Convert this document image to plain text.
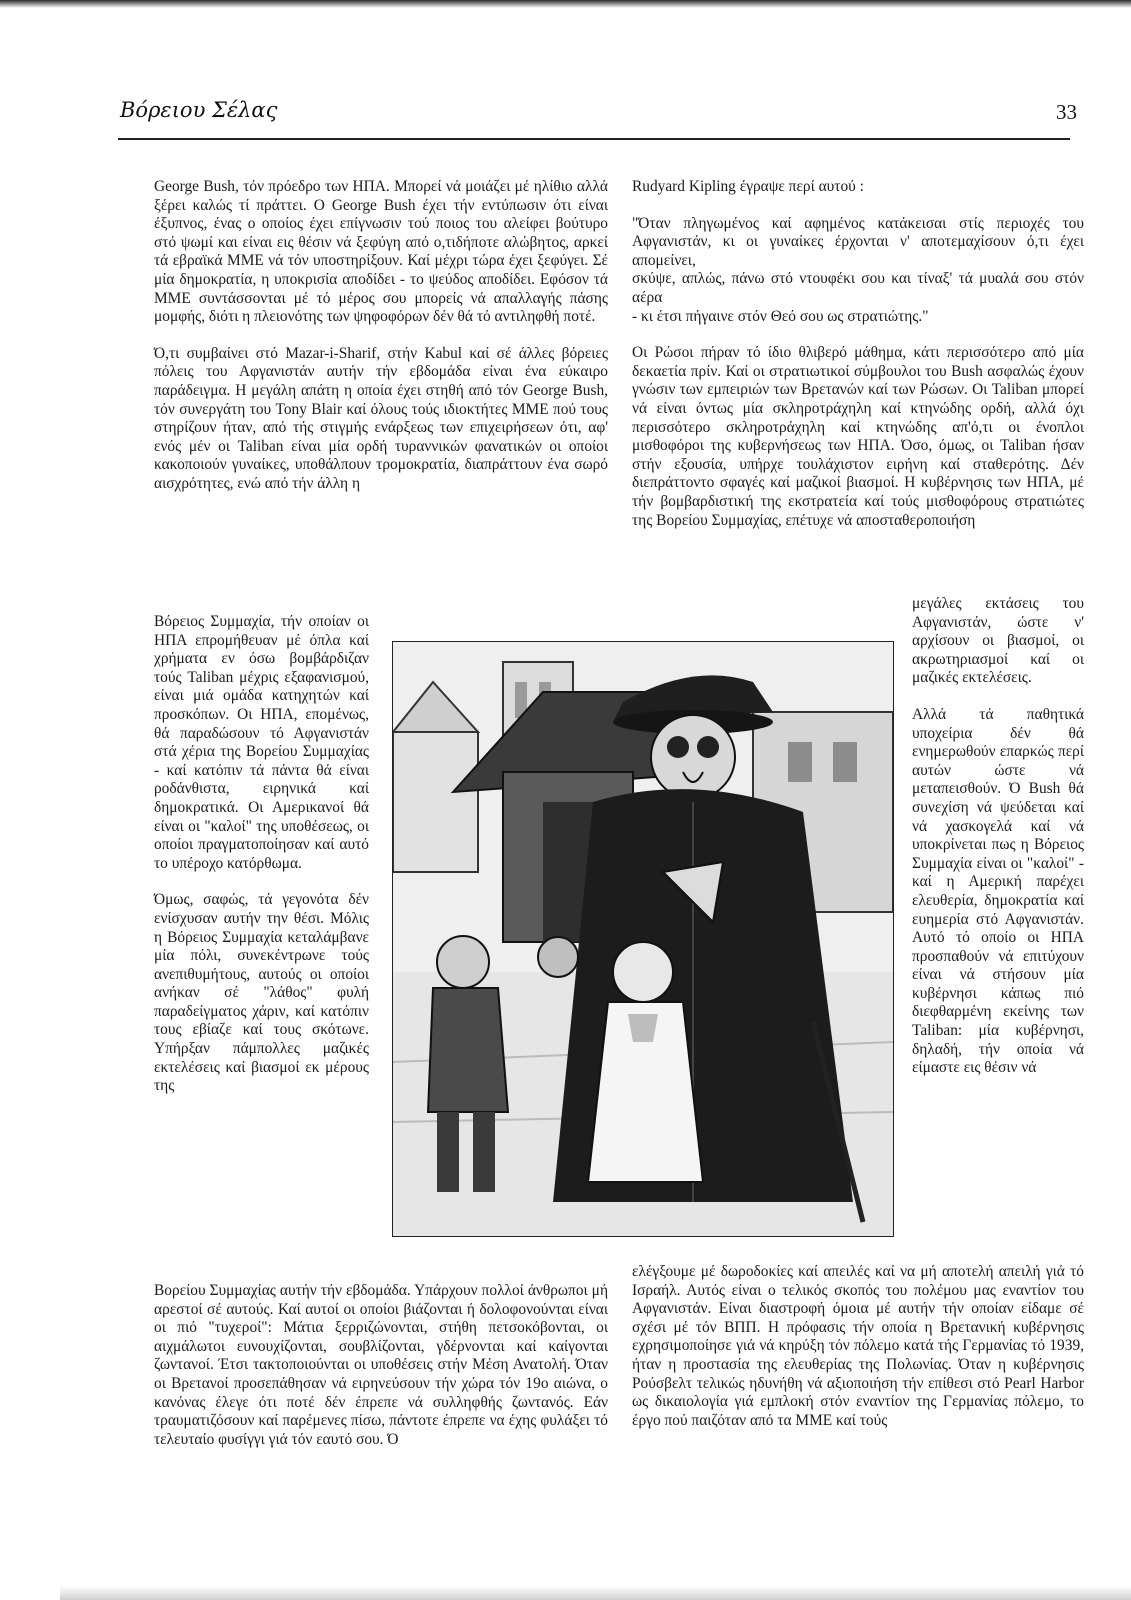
Βόρειου Σέλας	33

George Bush, τόν πρόεδρο των ΗΠΑ. Μπορεί νά μοιάζει μέ ηλίθιο αλλά ξέρει καλώς τί πράττει. Ο George Bush έχει τήν εντύπωσιν ότι είναι έξυπνος, ένας ο οποίος έχει επίγνωσιν τού ποιος του αλείφει βούτυρο στό ψωμί και είναι εις θέσιν νά ξεφύγη από ο,τιδήποτε αλώβητος, αρκεί τά εβραϊκά ΜΜΕ νά τόν υποστηρίξουν. Καί μέχρι τώρα έχει ξεφύγει. Σέ μία δημοκρατία, η υποκρισία αποδίδει - το ψεύδος αποδίδει. Εφόσον τά ΜΜΕ συντάσσονται μέ τό μέρος σου μπορείς νά απαλλαγής πάσης μομφής, διότι η πλειονότης των ψηφοφόρων δέν θά τό αντιληφθή ποτέ.

Ό,τι συμβαίνει στό Mazar-i-Sharif, στήν Kabul καί σέ άλλες βόρειες πόλεις του Αφγανιστάν αυτήν τήν εβδομάδα είναι ένα εύκαιρο παράδειγμα. Η μεγάλη απάτη η οποία έχει στηθή από τόν George Bush, τόν συνεργάτη του Tony Blair καί όλους τούς ιδιοκτήτες ΜΜΕ πού τους στηρίζουν ήταν, από τής στιγμής ενάρξεως των επιχειρήσεων ότι, αφ' ενός μέν οι Taliban είναι μία ορδή τυραννικών φανατικών οι οποίοι κακοποιούν γυναίκες, υποθάλπουν τρομοκρατία, διαπράττουν ένα σωρό αισχρότητες, ενώ από τήν άλλη η

Βόρειος Συμμαχία, τήν οποίαν οι ΗΠΑ επρομήθευαν μέ όπλα καί χρήματα εν όσω βομβάρδιζαν τούς Taliban μέχρις εξαφανισμού, είναι μιά ομάδα κατηχητών καί προσκόπων. Οι ΗΠΑ, επομένως, θά παραδώσουν τό Αφγανιστάν στά χέρια της Βορείου Συμμαχίας - καί κατόπιν τά πάντα θά είναι ροδάνθιστα, ειρηνικά καί δημοκρατικά. Οι Αμερικανοί θά είναι οι "καλοί" της υποθέσεως, οι οποίοι πραγματοποίησαν καί αυτό το υπέροχο κατόρθωμα.

Όμως, σαφώς, τά γεγονότα δέν ενίσχυσαν αυτήν την θέσι. Μόλις η Βόρειος Συμμαχία κεταλάμβανε μία πόλι, συνεκέντρωνε τούς ανεπιθυμήτους, αυτούς οι οποίοι ανήκαν σέ "λάθος" φυλή παραδείγματος χάριν, καί κατόπιν τους εβίαζε καί τους σκότωνε. Υπήρξαν πάμπολλες μαζικές εκτελέσεις καί βιασμοί εκ μέρους της

Βορείου Συμμαχίας αυτήν τήν εβδομάδα. Υπάρχουν πολλοί άνθρωποι μή αρεστοί σέ αυτούς. Καί αυτοί οι οποίοι βιάζονται ή δολοφονούνται είναι οι πιό "τυχεροί": Μάτια ξερριζώνονται, στήθη πετσοκόβονται, οι αιχμάλωτοι ευνουχίζονται, σουβλίζονται, γδέρνονται καί καίγονται ζωντανοί. Έτσι τακτοποιούνται οι υποθέσεις στήν Μέση Ανατολή. Όταν οι Βρετανοί προσεπάθησαν νά ειρηνεύσουν τήν χώρα τόν 19ο αιώνα, ο κανόνας έλεγε ότι ποτέ δέν έπρεπε νά συλληφθής ζωντανός. Εάν τραυματιζόσουν καί παρέμενες πίσω, πάντοτε έπρεπε να έχης φυλάξει τό τελευταίο φυσίγγι γιά τόν εαυτό σου. Ό

Rudyard Kipling έγραψε περί αυτού :

"Όταν πληγωμένος καί αφημένος κατάκεισαι στίς περιοχές του Αφγανιστάν, κι οι γυναίκες έρχονται ν' αποτεμαχίσουν ό,τι έχει απομείνει,

σκύψε, απλώς, πάνω στό ντουφέκι σου και τίναξ' τά μυαλά σου στόν αέρα

- κι έτσι πήγαινε στόν Θεό σου ως στρατιώτης."

Οι Ρώσοι πήραν τό ίδιο θλιβερό μάθημα, κάτι περισσότερο από μία δεκαετία πρίν. Καί οι στρατιωτικοί σύμβουλοι του Bush ασφαλώς έχουν γνώσιν των εμπειριών των Βρετανών καί των Ρώσων. Οι Taliban μπορεί νά είναι όντως μία σκληροτράχηλη καί κτηνώδης ορδή, αλλά όχι περισσότερο σκληροτράχηλη καί κτηνώδης απ'ό,τι οι ένοπλοι μισθοφόροι της κυβερνήσεως των ΗΠΑ. Όσο, όμως, οι Taliban ήσαν στήν εξουσία, υπήρχε τουλάχιστον ειρήνη καί σταθερότης. Δέν διεπράττοντο σφαγές καί μαζικοί βιασμοί. Η κυβέρνησις των ΗΠΑ, μέ τήν βομβαρδιστική της εκστρατεία καί τούς μισθοφόρους στρατιώτες της Βορείου Συμμαχίας, επέτυχε νά αποσταθεροποιήση

μεγάλες εκτάσεις του Αφγανιστάν, ώστε ν' αρχίσουν οι βιασμοί, οι ακρωτηριασμοί καί οι μαζικές εκτελέσεις.

Αλλά τά παθητικά υποχείρια δέν θά ενημερωθούν επαρκώς περί αυτών ώστε νά μεταπεισθούν. Ό Bush θά συνεχίση νά ψεύδεται καί νά χασκογελά καί νά υποκρίνεται πως η Βόρειος Συμμαχία είναι οι "καλοί" - καί η Αμερική παρέχει ελευθερία, δημοκρατία καί ευημερία στό Αφγανιστάν. Αυτό τό οποίο οι ΗΠΑ προσπαθούν νά επιτύχουν είναι νά στήσουν μία κυβέρνησι κάπως πιό διεφθαρμένη εκείνης των Taliban: μία κυβέρνησι, δηλαδή, τήν οποία νά είμαστε εις θέσιν νά

ελέγξουμε μέ δωροδοκίες καί απειλές καί να μή αποτελή απειλή γιά τό Ισραήλ. Αυτός είναι ο τελικός σκοπός του πολέμου μας εναντίον του Αφγανιστάν. Είναι διαστροφή όμοια μέ αυτήν τήν οποίαν είδαμε σέ σχέσι μέ τόν ΒΠΠ. Η πρόφασις τήν οποία η Βρετανική κυβέρνησις εχρησιμοποίησε γιά νά κηρύξη τόν πόλεμο κατά τής Γερμανίας τό 1939, ήταν η προστασία της ελευθερίας της Πολωνίας. Όταν η κυβέρνησις Ρούσβελτ τελικώς ηδυνήθη νά αξιοποιήση τήν επίθεσι στό Pearl Harbor ως δικαιολογία γιά εμπλοκή στόν εναντίον της Γερμανίας πόλεμο, το έργο πού παιζόταν από τα ΜΜΕ καί τούς
